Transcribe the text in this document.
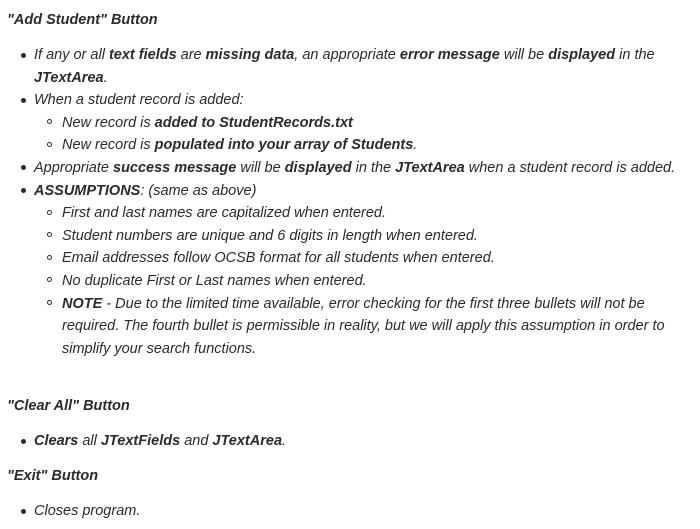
"Add Student" Button

If any or all text fields are missing data, an appropriate error message will be displayed in the JTextArea.
When a student record is added:
New record is added to StudentRecords.txt
New record is populated into your array of Students.
Appropriate success message will be displayed in the JTextArea when a student record is added.
ASSUMPTIONS: (same as above)
First and last names are capitalized when entered.
Student numbers are unique and 6 digits in length when entered.
Email addresses follow OCSB format for all students when entered.
No duplicate First or Last names when entered.
NOTE - Due to the limited time available, error checking for the first three bullets will not be required. The fourth bullet is permissible in reality, but we will apply this assumption in order to simplify your search functions.

"Clear All" Button

Clears all JTextFields and JTextArea.

"Exit" Button

Closes program.
